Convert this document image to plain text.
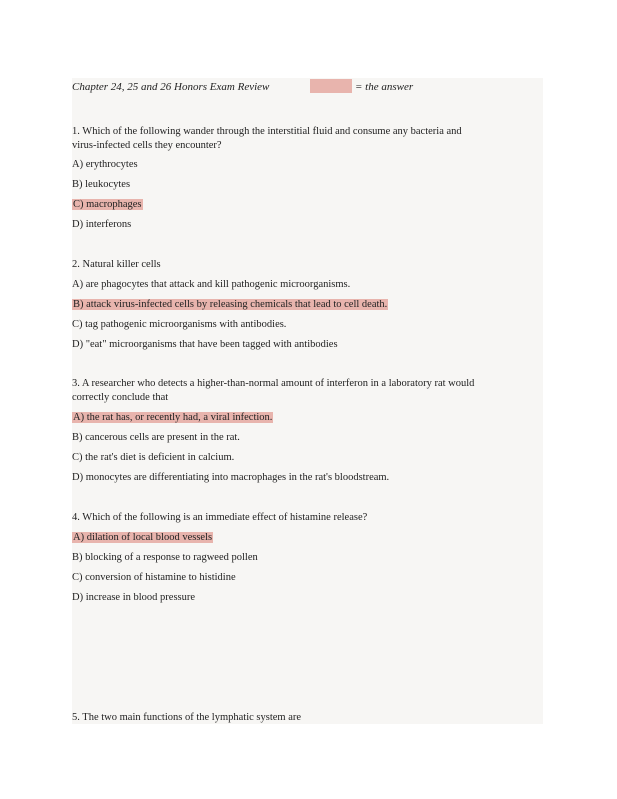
Chapter 24, 25 and 26 Honors Exam Review	= the answer
1. Which of the following wander through the interstitial fluid and consume any bacteria and
virus-infected cells they encounter?
A) erythrocytes
B) leukocytes
C) macrophages
D) interferons
2. Natural killer cells
A) are phagocytes that attack and kill pathogenic microorganisms.
B) attack virus-infected cells by releasing chemicals that lead to cell death.
C) tag pathogenic microorganisms with antibodies.
D) "eat" microorganisms that have been tagged with antibodies
3. A researcher who detects a higher-than-normal amount of interferon in a laboratory rat would
correctly conclude that
A) the rat has, or recently had, a viral infection.
B) cancerous cells are present in the rat.
C) the rat's diet is deficient in calcium.
D) monocytes are differentiating into macrophages in the rat's bloodstream.
4. Which of the following is an immediate effect of histamine release?
A) dilation of local blood vessels
B) blocking of a response to ragweed pollen
C) conversion of histamine to histidine
D) increase in blood pressure
5. The two main functions of the lymphatic system are
